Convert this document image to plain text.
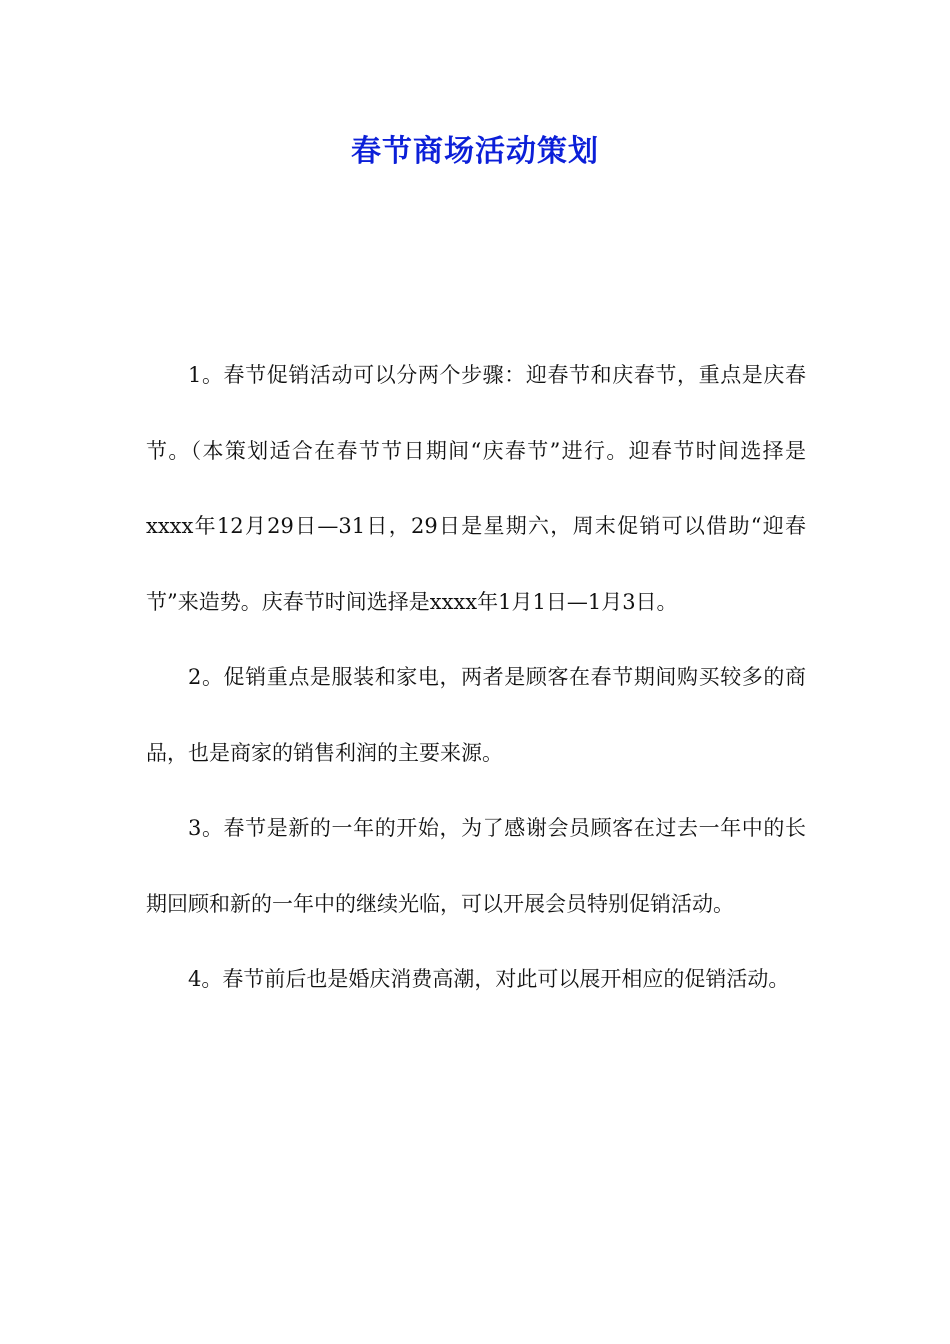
春节商场活动策划

1。春节促销活动可以分两个步骤：迎春节和庆春节，重点是庆春节。（本策划适合在春节节日期间“庆春节”进行。迎春节时间选择是xxxx年12月29日—31日，29日是星期六，周末促销可以借助“迎春节”来造势。庆春节时间选择是xxxx年1月1日—1月3日。

2。促销重点是服装和家电，两者是顾客在春节期间购买较多的商品，也是商家的销售利润的主要来源。

3。春节是新的一年的开始，为了感谢会员顾客在过去一年中的长期回顾和新的一年中的继续光临，可以开展会员特别促销活动。

4。春节前后也是婚庆消费高潮，对此可以展开相应的促销活动。
